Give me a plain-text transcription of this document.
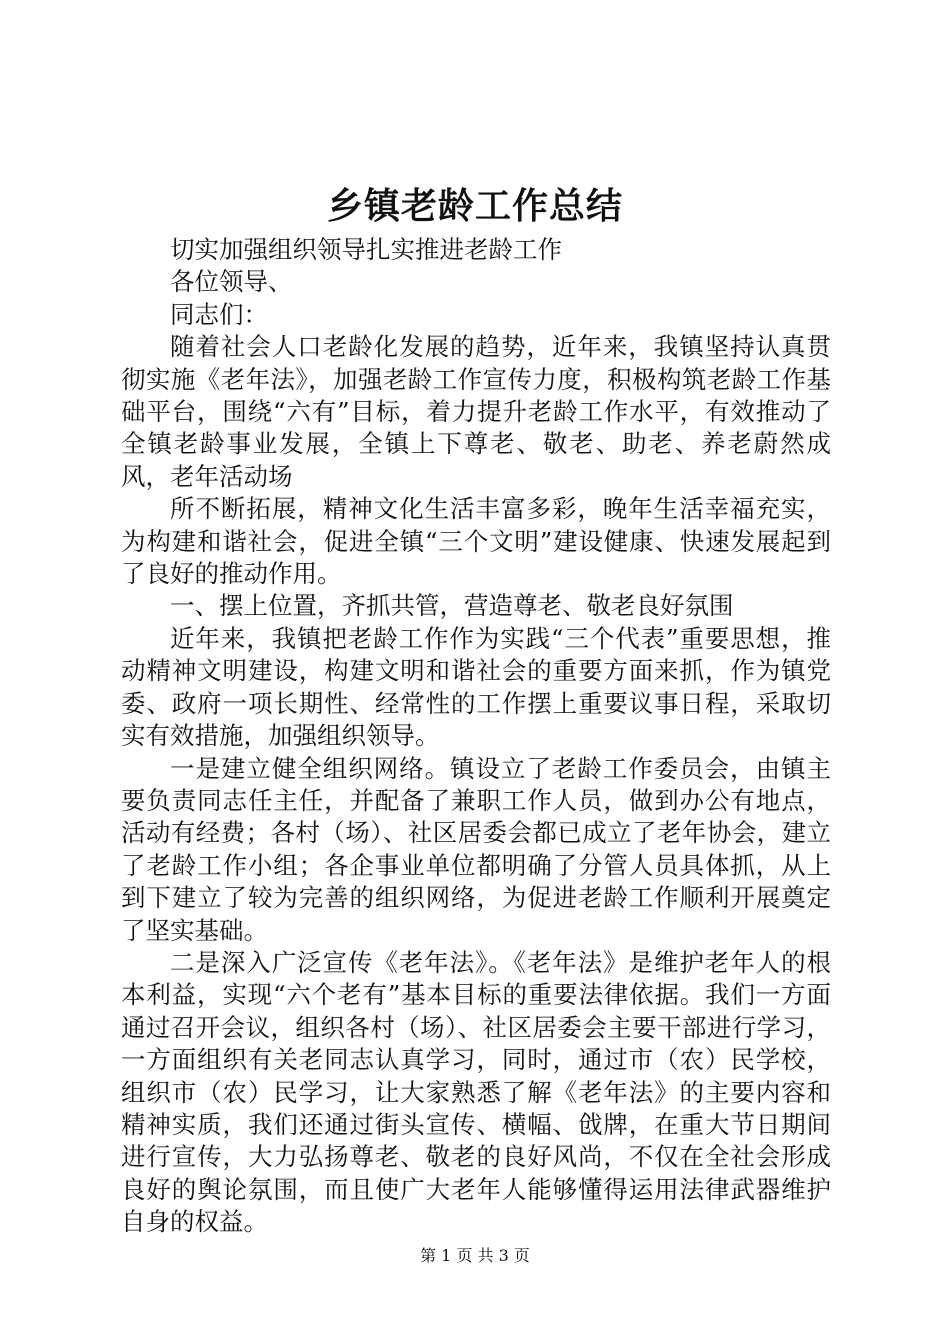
乡镇老龄工作总结

切实加强组织领导扎实推进老龄工作

各位领导、

同志们：

随着社会人口老龄化发展的趋势，近年来，我镇坚持认真贯彻实施《老年法》，加强老龄工作宣传力度，积极构筑老龄工作基础平台，围绕“六有”目标，着力提升老龄工作水平，有效推动了全镇老龄事业发展，全镇上下尊老、敬老、助老、养老蔚然成风，老年活动场

所不断拓展，精神文化生活丰富多彩，晚年生活幸福充实，为构建和谐社会，促进全镇“三个文明”建设健康、快速发展起到了良好的推动作用。

一、摆上位置，齐抓共管，营造尊老、敬老良好氛围

近年来，我镇把老龄工作作为实践“三个代表”重要思想，推动精神文明建设，构建文明和谐社会的重要方面来抓，作为镇党委、政府一项长期性、经常性的工作摆上重要议事日程，采取切实有效措施，加强组织领导。

一是建立健全组织网络。镇设立了老龄工作委员会，由镇主要负责同志任主任，并配备了兼职工作人员，做到办公有地点，活动有经费；各村（场）、社区居委会都已成立了老年协会，建立了老龄工作小组；各企事业单位都明确了分管人员具体抓，从上到下建立了较为完善的组织网络，为促进老龄工作顺利开展奠定了坚实基础。

二是深入广泛宣传《老年法》。《老年法》是维护老年人的根本利益，实现“六个老有”基本目标的重要法律依据。我们一方面通过召开会议，组织各村（场）、社区居委会主要干部进行学习，一方面组织有关老同志认真学习，同时，通过市（农）民学校，组织市（农）民学习，让大家熟悉了解《老年法》的主要内容和精神实质，我们还通过街头宣传、横幅、戗牌，在重大节日期间进行宣传，大力弘扬尊老、敬老的良好风尚，不仅在全社会形成良好的舆论氛围，而且使广大老年人能够懂得运用法律武器维护自身的权益。

第 1 页 共 3 页
